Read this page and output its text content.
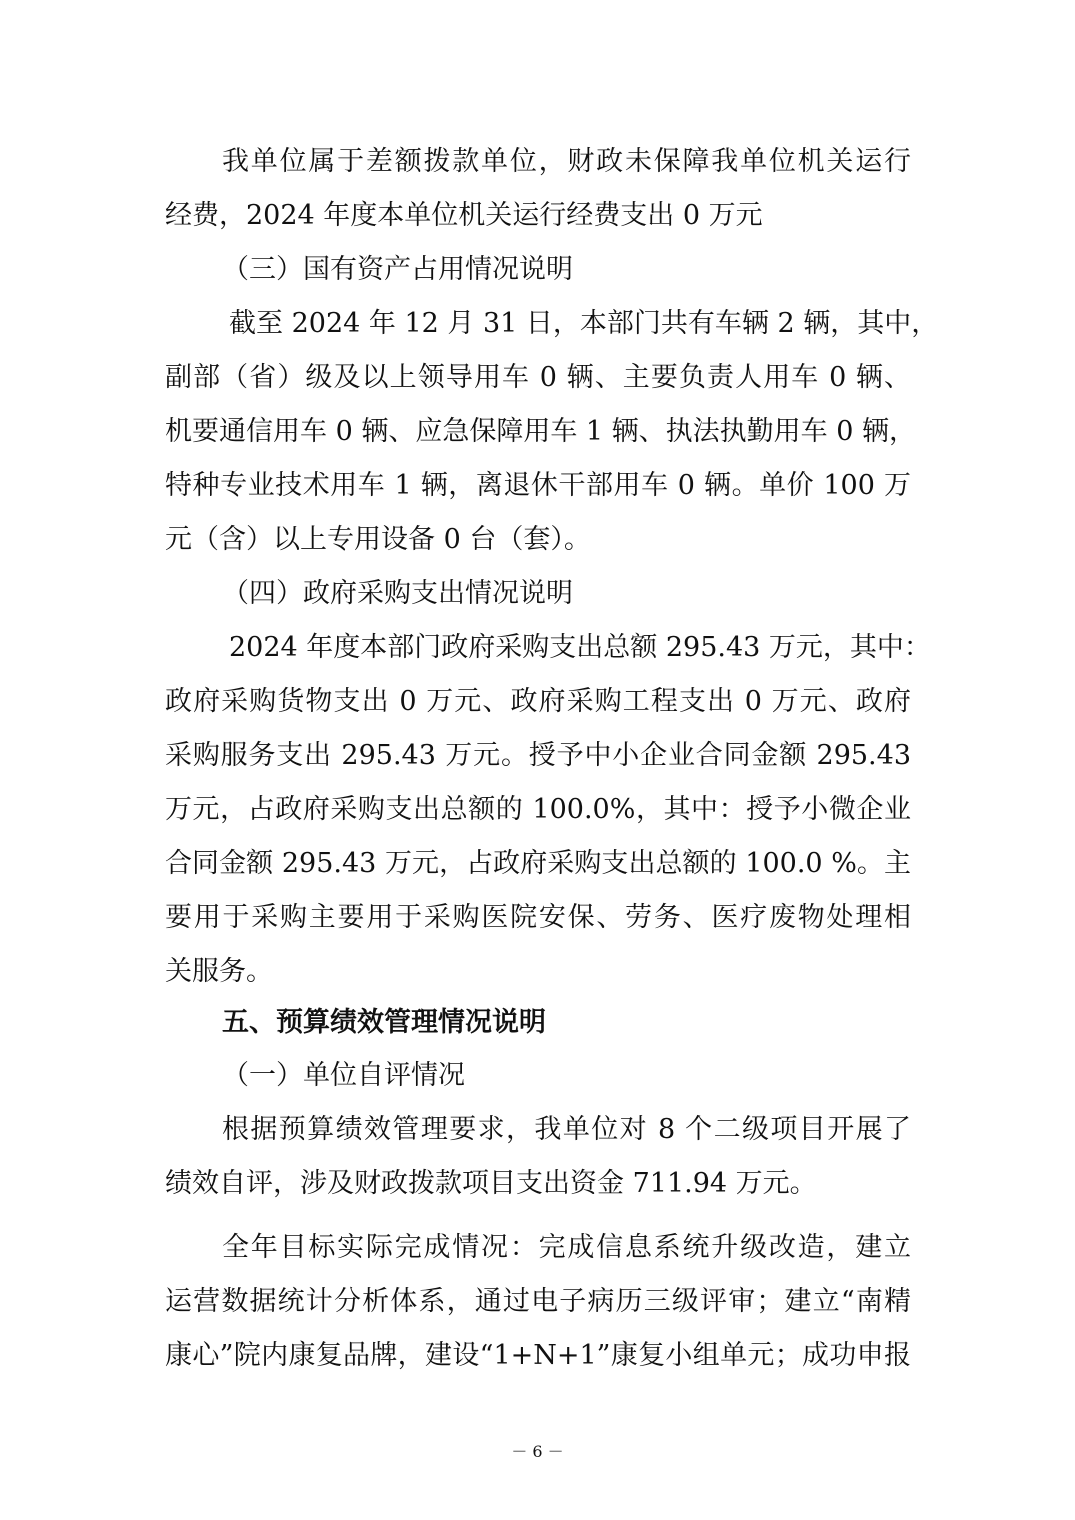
我单位属于差额拨款单位，财政未保障我单位机关运行
经费，2024 年度本单位机关运行经费支出 0 万元
（三）国有资产占用情况说明
截至 2024 年 12 月 31 日，本部门共有车辆 2 辆，其中，
副部（省）级及以上领导用车 0 辆、主要负责人用车 0 辆、
机要通信用车 0 辆、应急保障用车 1 辆、执法执勤用车 0 辆，
特种专业技术用车 1 辆，离退休干部用车 0 辆。单价 100 万
元（含）以上专用设备 0 台（套）。
（四）政府采购支出情况说明
2024 年度本部门政府采购支出总额 295.43 万元，其中：
政府采购货物支出 0 万元、政府采购工程支出 0 万元、政府
采购服务支出 295.43 万元。授予中小企业合同金额 295.43
万元，占政府采购支出总额的 100.0%，其中：授予小微企业
合同金额 295.43 万元，占政府采购支出总额的 100.0 %。主
要用于采购主要用于采购医院安保、劳务、医疗废物处理相
关服务。
五、预算绩效管理情况说明
（一）单位自评情况
根据预算绩效管理要求，我单位对 8 个二级项目开展了
绩效自评，涉及财政拨款项目支出资金 711.94 万元。
全年目标实际完成情况：完成信息系统升级改造，建立
运营数据统计分析体系，通过电子病历三级评审；建立“南精
康心”院内康复品牌，建设“1+N+1”康复小组单元；成功申报
－ 6 －
